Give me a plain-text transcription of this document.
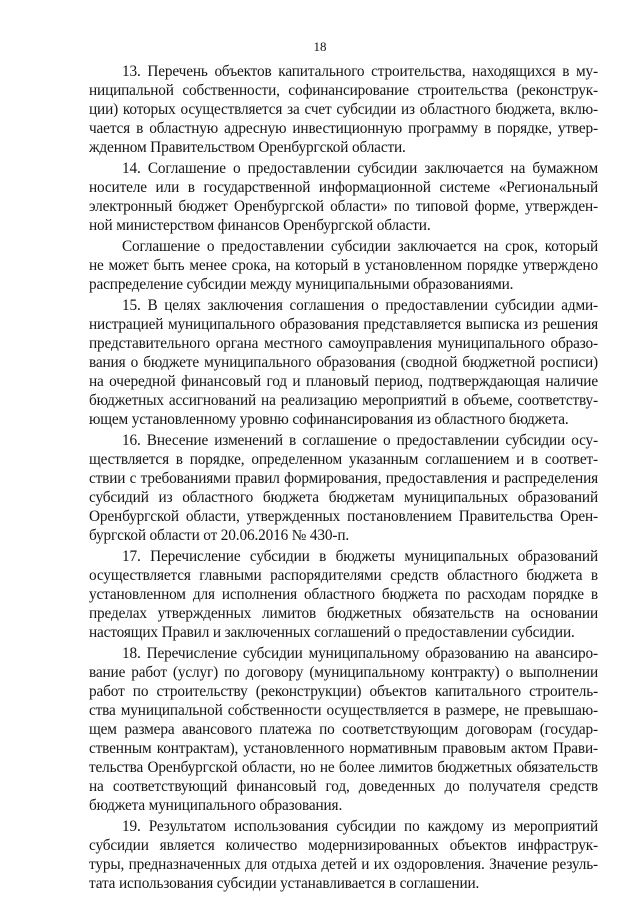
18
13. Перечень объектов капитального строительства, находящихся в му-
ниципальной собственности, софинансирование строительства (реконструк-
ции) которых осуществляется за счет субсидии из областного бюджета, вклю-
чается в областную адресную инвестиционную программу в порядке, утвер-
жденном Правительством Оренбургской области.
14. Соглашение о предоставлении субсидии заключается на бумажном
носителе или в государственной информационной системе «Региональный
электронный бюджет Оренбургской области» по типовой форме, утвержден-
ной министерством финансов Оренбургской области.
Соглашение о предоставлении субсидии заключается на срок, который
не может быть менее срока, на который в установленном порядке утверждено
распределение субсидии между муниципальными образованиями.
15. В целях заключения соглашения о предоставлении субсидии адми-
нистрацией муниципального образования представляется выписка из решения
представительного органа местного самоуправления муниципального образо-
вания о бюджете муниципального образования (сводной бюджетной росписи)
на очередной финансовый год и плановый период, подтверждающая наличие
бюджетных ассигнований на реализацию мероприятий в объеме, соответству-
ющем установленному уровню софинансирования из областного бюджета.
16. Внесение изменений в соглашение о предоставлении субсидии осу-
ществляется в порядке, определенном указанным соглашением и в соответ-
ствии с требованиями правил формирования, предоставления и распределения
субсидий из областного бюджета бюджетам муниципальных образований
Оренбургской области, утвержденных постановлением Правительства Орен-
бургской области от 20.06.2016 № 430-п.
17. Перечисление субсидии в бюджеты муниципальных образований
осуществляется главными распорядителями средств областного бюджета в
установленном для исполнения областного бюджета по расходам порядке в
пределах утвержденных лимитов бюджетных обязательств на основании
настоящих Правил и заключенных соглашений о предоставлении субсидии.
18. Перечисление субсидии муниципальному образованию на авансиро-
вание работ (услуг) по договору (муниципальному контракту) о выполнении
работ по строительству (реконструкции) объектов капитального строитель-
ства муниципальной собственности осуществляется в размере, не превышаю-
щем размера авансового платежа по соответствующим договорам (государ-
ственным контрактам), установленного нормативным правовым актом Прави-
тельства Оренбургской области, но не более лимитов бюджетных обязательств
на соответствующий финансовый год, доведенных до получателя средств
бюджета муниципального образования.
19. Результатом использования субсидии по каждому из мероприятий
субсидии является количество модернизированных объектов инфраструк-
туры, предназначенных для отдыха детей и их оздоровления. Значение резуль-
тата использования субсидии устанавливается в соглашении.
